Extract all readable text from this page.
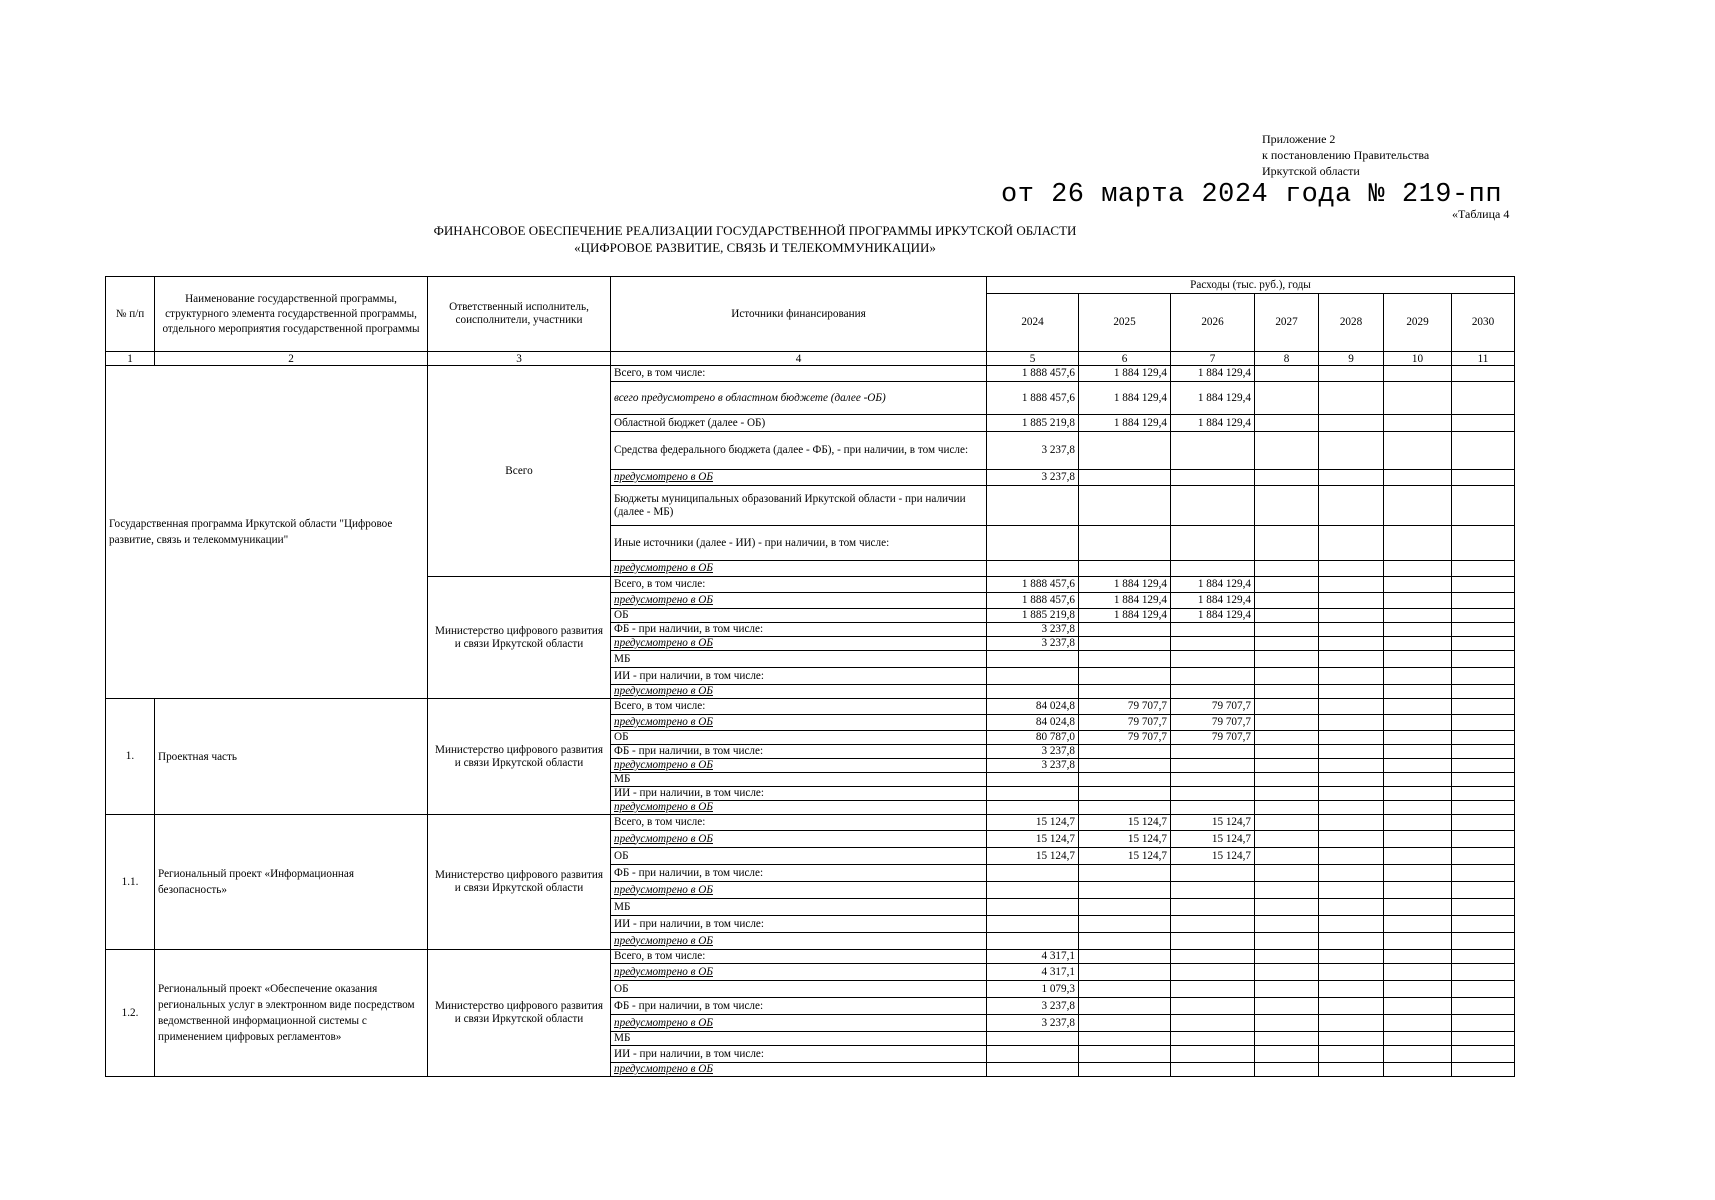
Приложение 2
к постановлению Правительства
Иркутской области
от 26 марта 2024 года № 219-пп
«Таблица 4
ФИНАНСОВОЕ ОБЕСПЕЧЕНИЕ РЕАЛИЗАЦИИ ГОСУДАРСТВЕННОЙ ПРОГРАММЫ ИРКУТСКОЙ ОБЛАСТИ
«ЦИФРОВОЕ РАЗВИТИЕ, СВЯЗЬ И ТЕЛЕКОММУНИКАЦИИ»
№ п/п	Наименование государственной программы, структурного элемента государственной программы, отдельного мероприятия государственной программы	Ответственный исполнитель, соисполнители, участники	Источники финансирования	Расходы (тыс. руб.), годы						
				2024	2025	2026	2027	2028	2029	2030
1	2	3	4	5	6	7	8	9	10	11
Государственная программа Иркутской области "Цифровое развитие, связь и телекоммуникации"		Всего	Всего, в том числе:	1 888 457,6	1 884 129,4	1 884 129,4				
			всего предусмотрено в областном бюджете (далее -ОБ)	1 888 457,6	1 884 129,4	1 884 129,4				
			Областной бюджет (далее - ОБ)	1 885 219,8	1 884 129,4	1 884 129,4				
			Средства федерального бюджета (далее - ФБ), - при наличии, в том числе:	3 237,8						
			предусмотрено в ОБ	3 237,8						
			Бюджеты муниципальных образований Иркутской области - при наличии (далее - МБ)							
			Иные источники (далее - ИИ) - при наличии, в том числе:							
			предусмотрено в ОБ							
		Министерство цифрового развития и связи Иркутской области	Всего, в том числе:	1 888 457,6	1 884 129,4	1 884 129,4				
			предусмотрено в ОБ	1 888 457,6	1 884 129,4	1 884 129,4				
			ОБ	1 885 219,8	1 884 129,4	1 884 129,4				
			ФБ - при наличии, в том числе:	3 237,8						
			предусмотрено в ОБ	3 237,8						
			МБ							
			ИИ - при наличии, в том числе:							
			предусмотрено в ОБ							
1.	Проектная часть	Министерство цифрового развития и связи Иркутской области	Всего, в том числе:	84 024,8	79 707,7	79 707,7				
			предусмотрено в ОБ	84 024,8	79 707,7	79 707,7				
			ОБ	80 787,0	79 707,7	79 707,7				
			ФБ - при наличии, в том числе:	3 237,8						
			предусмотрено в ОБ	3 237,8						
			МБ							
			ИИ - при наличии, в том числе:							
			предусмотрено в ОБ							
1.1.	Региональный проект «Информационная безопасность»	Министерство цифрового развития и связи Иркутской области	Всего, в том числе:	15 124,7	15 124,7	15 124,7				
			предусмотрено в ОБ	15 124,7	15 124,7	15 124,7				
			ОБ	15 124,7	15 124,7	15 124,7				
			ФБ - при наличии, в том числе:							
			предусмотрено в ОБ							
			МБ							
			ИИ - при наличии, в том числе:							
			предусмотрено в ОБ							
1.2.	Региональный проект «Обеспечение оказания региональных услуг в электронном виде посредством ведомственной информационной системы с применением цифровых регламентов»	Министерство цифрового развития и связи Иркутской области	Всего, в том числе:	4 317,1						
			предусмотрено в ОБ	4 317,1						
			ОБ	1 079,3						
			ФБ - при наличии, в том числе:	3 237,8						
			предусмотрено в ОБ	3 237,8						
			МБ							
			ИИ - при наличии, в том числе:							
			предусмотрено в ОБ							
